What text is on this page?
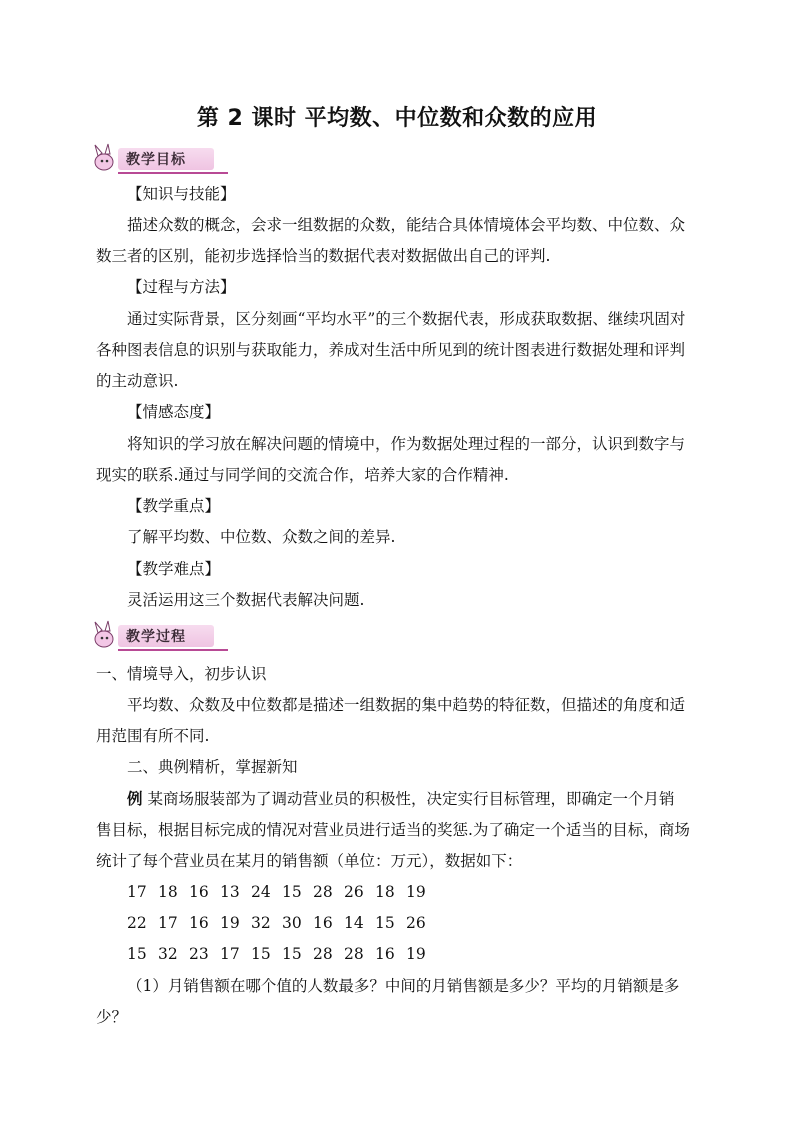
第 2 课时 平均数、中位数和众数的应用
教学目标
【知识与技能】
描述众数的概念，会求一组数据的众数，能结合具体情境体会平均数、中位数、众
数三者的区别，能初步选择恰当的数据代表对数据做出自己的评判.
【过程与方法】
通过实际背景，区分刻画“平均水平”的三个数据代表，形成获取数据、继续巩固对
各种图表信息的识别与获取能力，养成对生活中所见到的统计图表进行数据处理和评判
的主动意识.
【情感态度】
将知识的学习放在解决问题的情境中，作为数据处理过程的一部分，认识到数字与
现实的联系.通过与同学间的交流合作，培养大家的合作精神.
【教学重点】
了解平均数、中位数、众数之间的差异.
【教学难点】
灵活运用这三个数据代表解决问题.
教学过程
一、情境导入，初步认识
平均数、众数及中位数都是描述一组数据的集中趋势的特征数，但描述的角度和适
用范围有所不同.
二、典例精析，掌握新知
例 某商场服装部为了调动营业员的积极性，决定实行目标管理，即确定一个月销
售目标，根据目标完成的情况对营业员进行适当的奖惩.为了确定一个适当的目标，商场
统计了每个营业员在某月的销售额（单位：万元），数据如下：
17 18 16 13 24 15 28 26 18 19
22 17 16 19 32 30 16 14 15 26
15 32 23 17 15 15 28 28 16 19
（1）月销售额在哪个值的人数最多？中间的月销售额是多少？平均的月销额是多
少？
